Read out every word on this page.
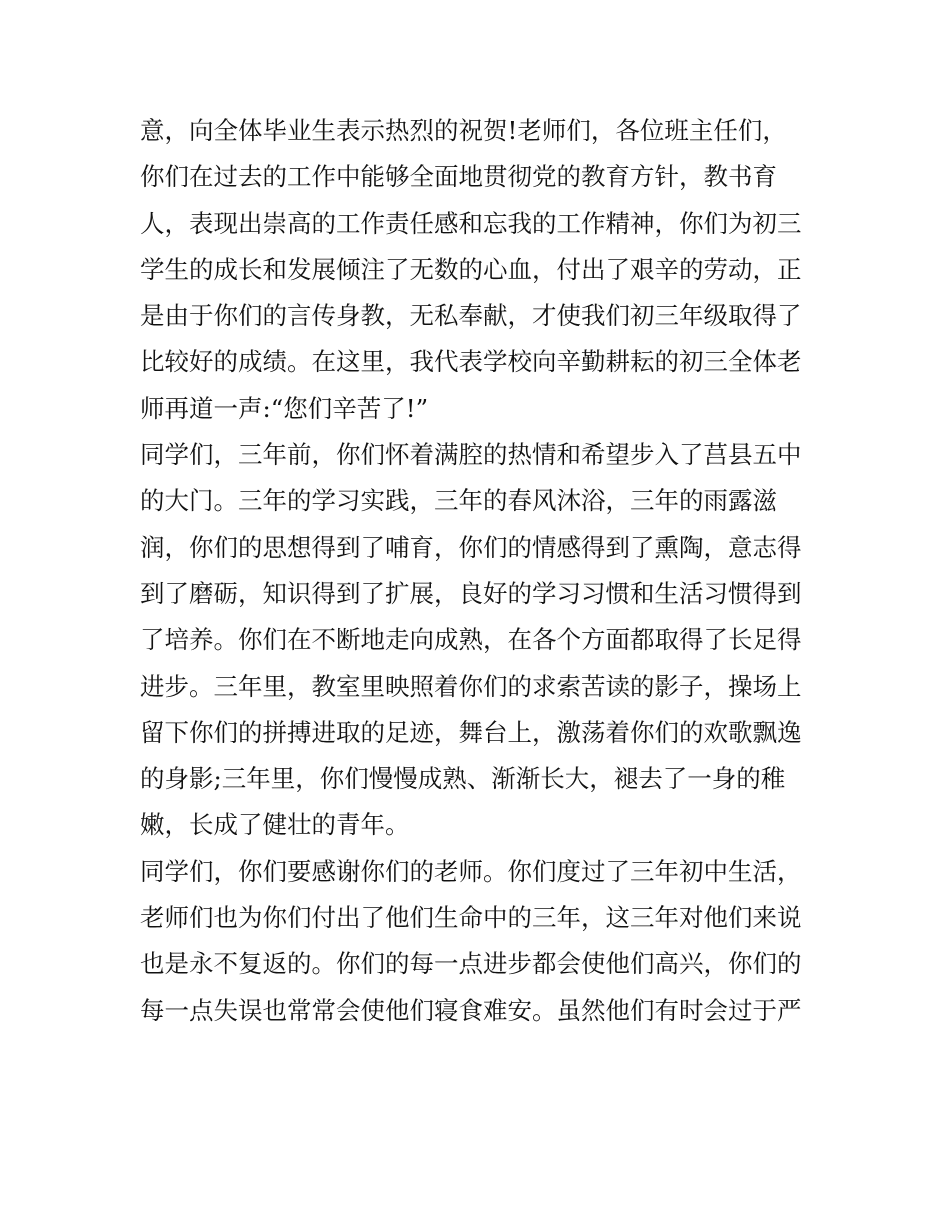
意，向全体毕业生表示热烈的祝贺!老师们，各位班主任们，
你们在过去的工作中能够全面地贯彻党的教育方针，教书育
人，表现出崇高的工作责任感和忘我的工作精神，你们为初三
学生的成长和发展倾注了无数的心血，付出了艰辛的劳动，正
是由于你们的言传身教，无私奉献，才使我们初三年级取得了
比较好的成绩。在这里，我代表学校向辛勤耕耘的初三全体老
师再道一声:“您们辛苦了!”
同学们，三年前，你们怀着满腔的热情和希望步入了莒县五中
的大门。三年的学习实践，三年的春风沐浴，三年的雨露滋
润，你们的思想得到了哺育，你们的情感得到了熏陶，意志得
到了磨砺，知识得到了扩展，良好的学习习惯和生活习惯得到
了培养。你们在不断地走向成熟，在各个方面都取得了长足得
进步。三年里，教室里映照着你们的求索苦读的影子，操场上
留下你们的拼搏进取的足迹，舞台上，激荡着你们的欢歌飘逸
的身影;三年里，你们慢慢成熟、渐渐长大，褪去了一身的稚
嫩，长成了健壮的青年。
同学们，你们要感谢你们的老师。你们度过了三年初中生活，
老师们也为你们付出了他们生命中的三年，这三年对他们来说
也是永不复返的。你们的每一点进步都会使他们高兴，你们的
每一点失误也常常会使他们寝食难安。虽然他们有时会过于严
